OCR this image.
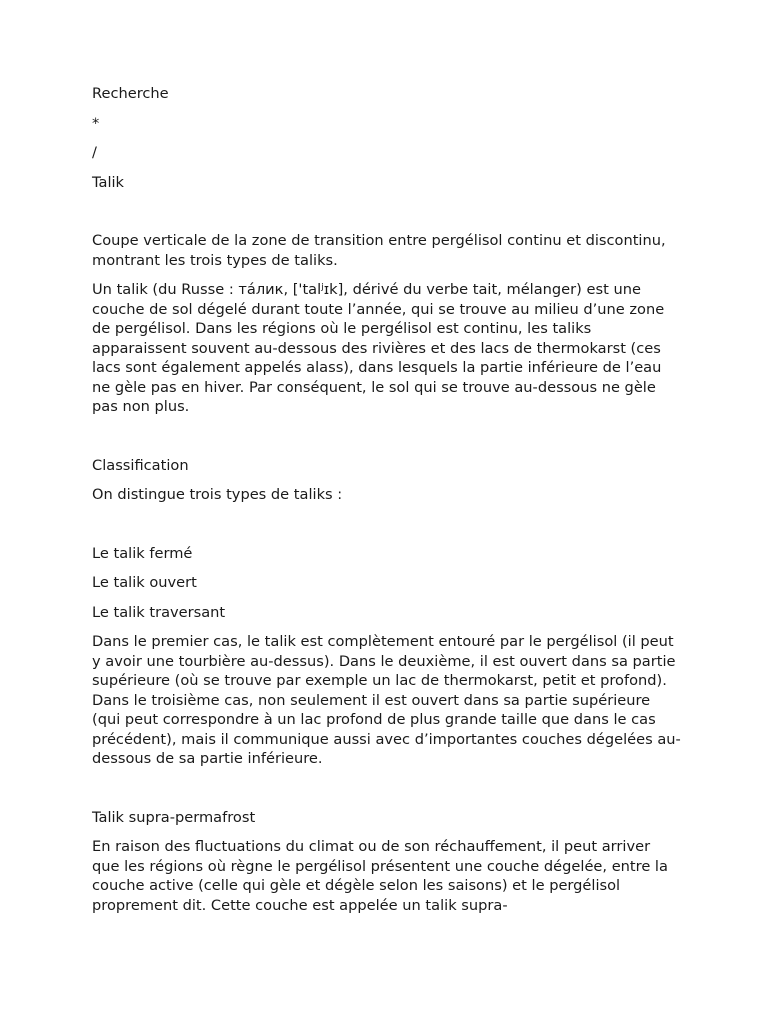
Recherche

*

/

Talik

Coupe verticale de la zone de transition entre pergélisol continu et discontinu, montrant les trois types de taliks.

Un talik (du Russe : та́лик, ['talʲɪk], dérivé du verbe tait, mélanger) est une couche de sol dégelé durant toute l’année, qui se trouve au milieu d’une zone de pergélisol. Dans les régions où le pergélisol est continu, les taliks apparaissent souvent au-dessous des rivières et des lacs de thermokarst (ces lacs sont également appelés alass), dans lesquels la partie inférieure de l’eau ne gèle pas en hiver. Par conséquent, le sol qui se trouve au-dessous ne gèle pas non plus.

Classification

On distingue trois types de taliks :

Le talik fermé

Le talik ouvert

Le talik traversant

Dans le premier cas, le talik est complètement entouré par le pergélisol (il peut y avoir une tourbière au-dessus). Dans le deuxième, il est ouvert dans sa partie supérieure (où se trouve par exemple un lac de thermokarst, petit et profond). Dans le troisième cas, non seulement il est ouvert dans sa partie supérieure (qui peut correspondre à un lac profond de plus grande taille que dans le cas précédent), mais il communique aussi avec d’importantes couches dégelées au-dessous de sa partie inférieure.

Talik supra-permafrost

En raison des fluctuations du climat ou de son réchauffement, il peut arriver que les régions où règne le pergélisol présentent une couche dégelée, entre la couche active (celle qui gèle et dégèle selon les saisons) et le pergélisol proprement dit. Cette couche est appelée un talik supra-
